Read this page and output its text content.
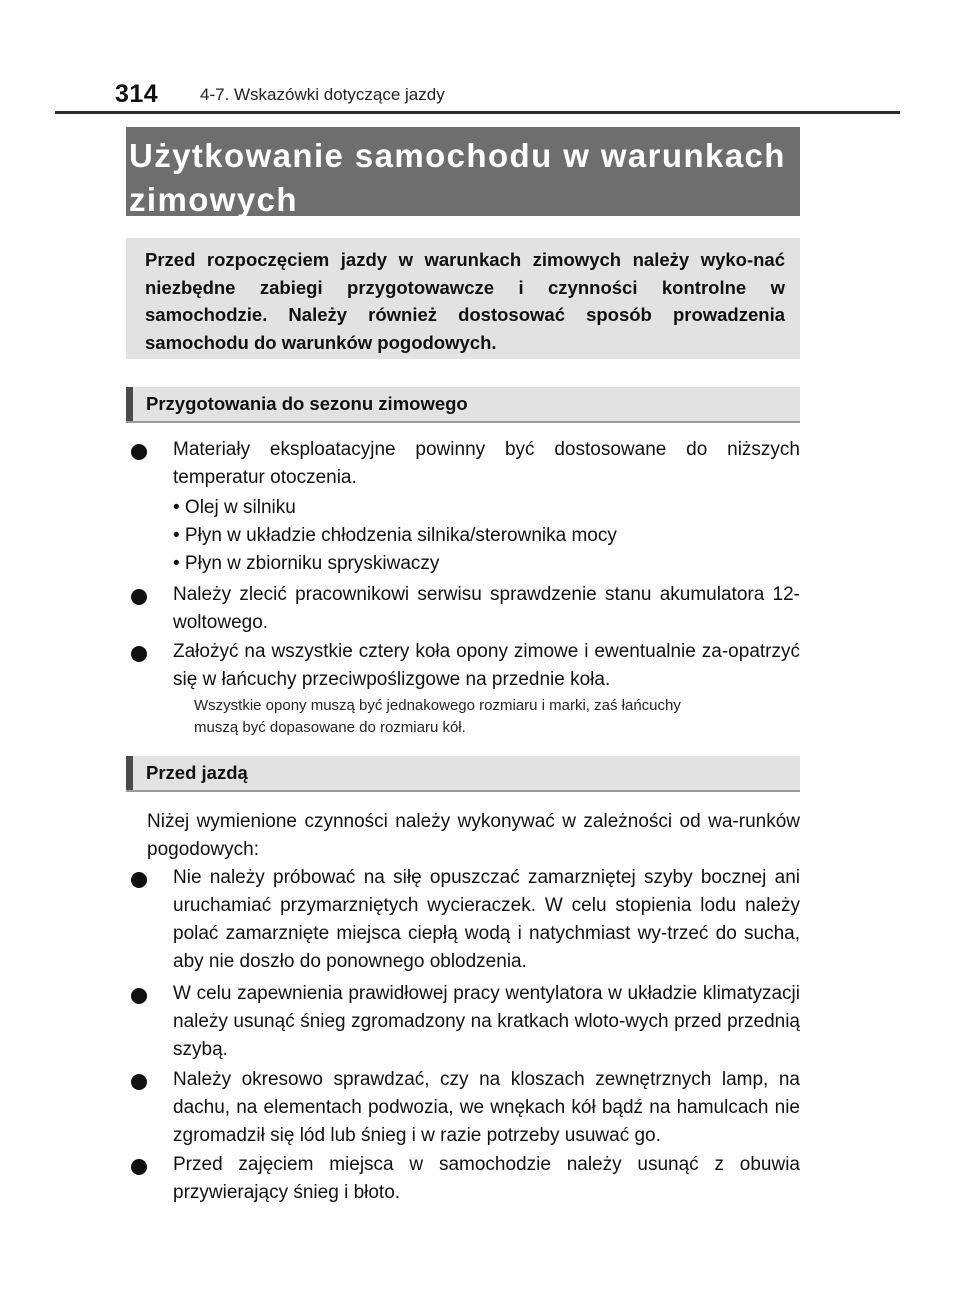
314 4-7. Wskazówki dotyczące jazdy
Użytkowanie samochodu w warunkach zimowych
Przed rozpoczęciem jazdy w warunkach zimowych należy wyko-nać niezbędne zabiegi przygotowawcze i czynności kontrolne w samochodzie. Należy również dostosować sposób prowadzenia samochodu do warunków pogodowych.
Przygotowania do sezonu zimowego
Materiały eksploatacyjne powinny być dostosowane do niższych temperatur otoczenia.
• Olej w silniku
• Płyn w układzie chłodzenia silnika/sterownika mocy
• Płyn w zbiorniku spryskiwaczy
Należy zlecić pracownikowi serwisu sprawdzenie stanu akumulatora 12-woltowego.
Założyć na wszystkie cztery koła opony zimowe i ewentualnie za-opatrzyć się w łańcuchy przeciwpoślizgowe na przednie koła.
Wszystkie opony muszą być jednakowego rozmiaru i marki, zaś łańcuchy
muszą być dopasowane do rozmiaru kół.
Przed jazdą
Niżej wymienione czynności należy wykonywać w zależności od wa-runków pogodowych:
Nie należy próbować na siłę opuszczać zamarzniętej szyby bocznej ani uruchamiać przymarzniętych wycieraczek. W celu stopienia lodu należy polać zamarznięte miejsca ciepłą wodą i natychmiast wy-trzeć do sucha, aby nie doszło do ponownego oblodzenia.
W celu zapewnienia prawidłowej pracy wentylatora w układzie klimatyzacji należy usunąć śnieg zgromadzony na kratkach wloto-wych przed przednią szybą.
Należy okresowo sprawdzać, czy na kloszach zewnętrznych lamp, na dachu, na elementach podwozia, we wnękach kół bądź na hamulcach nie zgromadził się lód lub śnieg i w razie potrzeby usuwać go.
Przed zajęciem miejsca w samochodzie należy usunąć z obuwia przywierający śnieg i błoto.
